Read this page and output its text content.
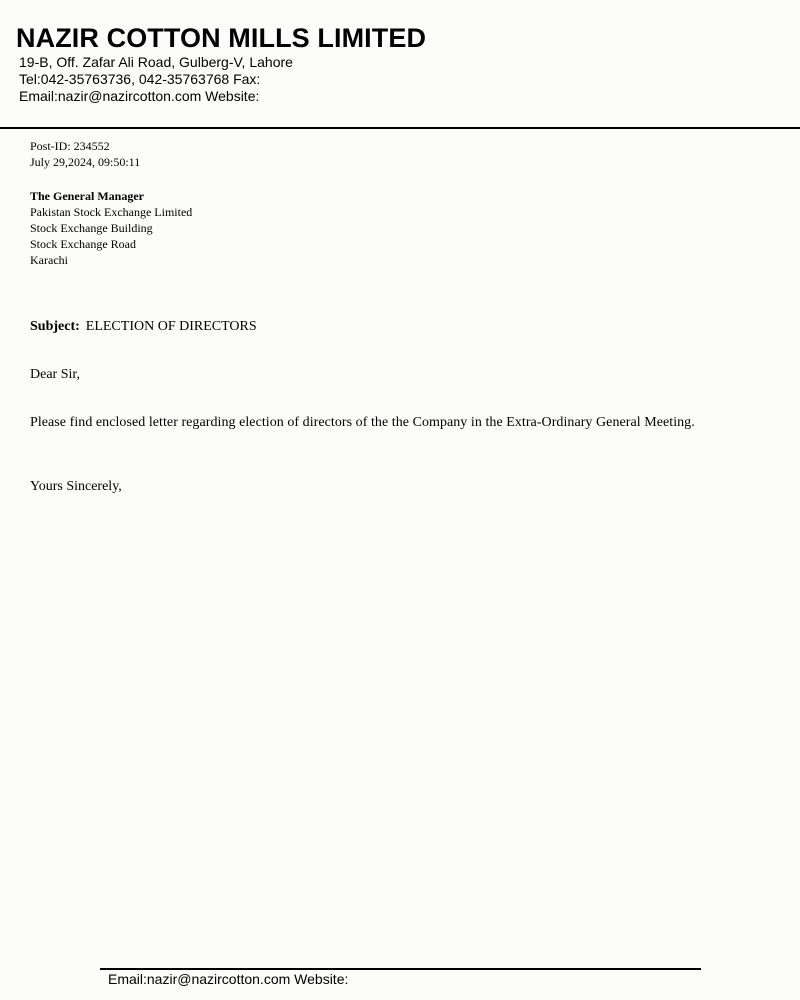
NAZIR COTTON MILLS LIMITED
19-B, Off. Zafar Ali Road, Gulberg-V, Lahore
Tel:042-35763736, 042-35763768 Fax:
Email:nazir@nazircotton.com Website:
Post-ID: 234552
July 29,2024, 09:50:11
The General Manager
Pakistan Stock Exchange Limited
Stock Exchange Building
Stock Exchange Road
Karachi
Subject: ELECTION OF DIRECTORS
Dear Sir,
Please find enclosed letter regarding election of directors of the the Company in the Extra-Ordinary General Meeting.
Yours Sincerely,
Email:nazir@nazircotton.com Website:
